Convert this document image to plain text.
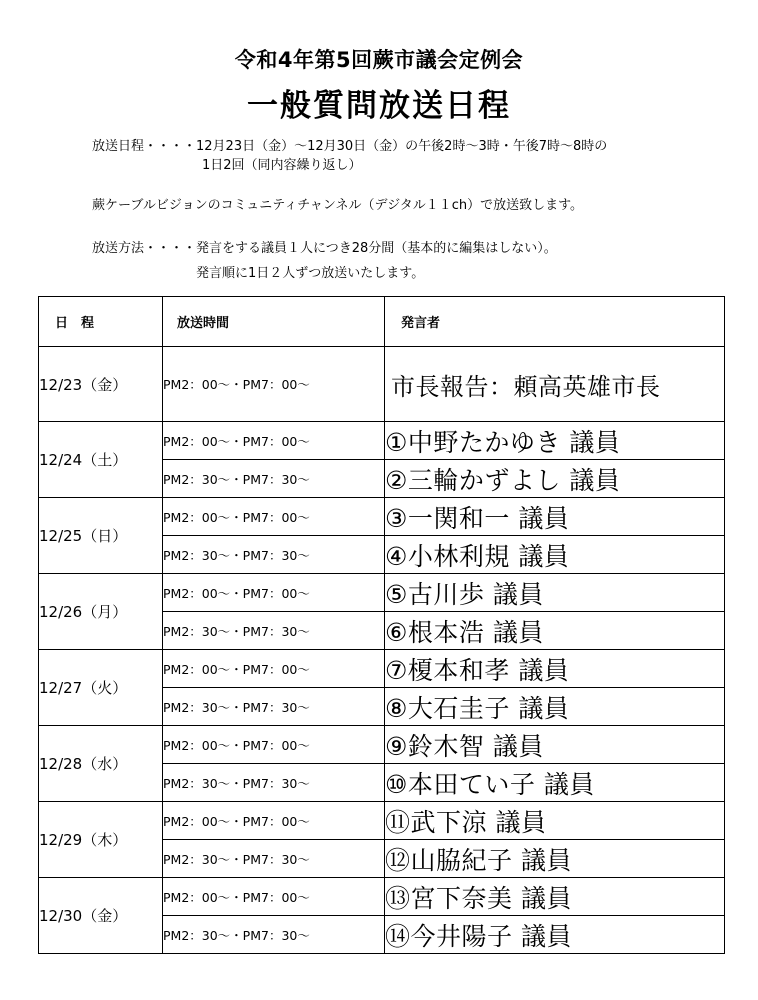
令和4年第5回蕨市議会定例会
一般質問放送日程
放送日程・・・・12月23日（金）～12月30日（金）の午後2時～3時・午後7時～8時の
1日2回（同内容繰り返し）
蕨ケーブルビジョンのコミュニティチャンネル（デジタル１１ch）で放送致します。
放送方法・・・・発言をする議員１人につき28分間（基本的に編集はしない）。
発言順に1日２人ずつ放送いたします。
日　程	放送時間	発言者
12/23（金）	PM2：00～・PM7：00～	市長報告：頼高英雄市長
12/24（土）	PM2：00～・PM7：00～	①中野たかゆき 議員
	PM2：30～・PM7：30～	②三輪かずよし 議員
12/25（日）	PM2：00～・PM7：00～	③一関和一 議員
	PM2：30～・PM7：30～	④小林利規 議員
12/26（月）	PM2：00～・PM7：00～	⑤古川歩 議員
	PM2：30～・PM7：30～	⑥根本浩 議員
12/27（火）	PM2：00～・PM7：00～	⑦榎本和孝 議員
	PM2：30～・PM7：30～	⑧大石圭子 議員
12/28（水）	PM2：00～・PM7：00～	⑨鈴木智 議員
	PM2：30～・PM7：30～	⑩本田てい子 議員
12/29（木）	PM2：00～・PM7：00～	⑪武下涼 議員
	PM2：30～・PM7：30～	⑫山脇紀子 議員
12/30（金）	PM2：00～・PM7：00～	⑬宮下奈美 議員
	PM2：30～・PM7：30～	⑭今井陽子 議員
